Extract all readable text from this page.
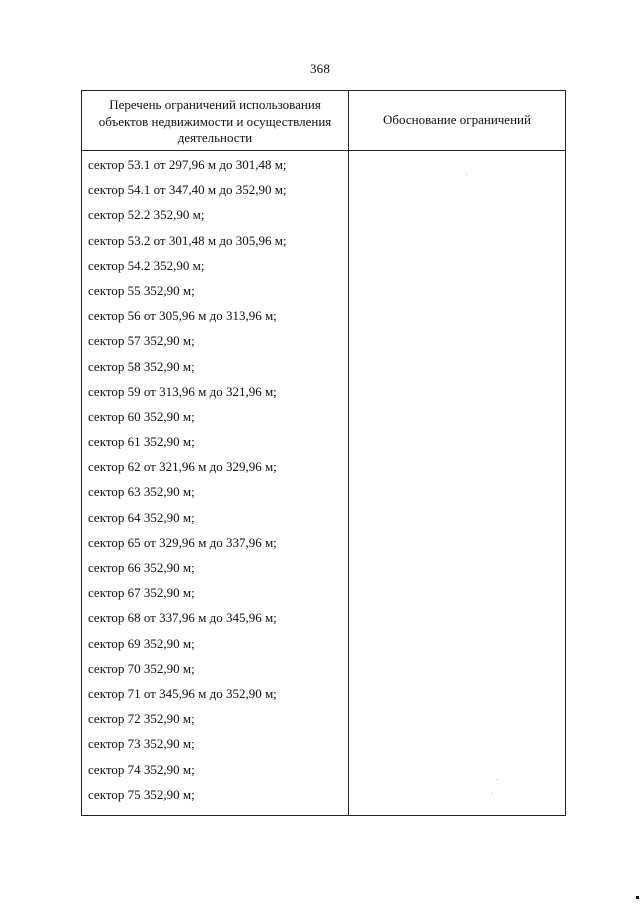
368
Перечень ограничений использования
объектов недвижимости и осуществления
деятельности
Обоснование ограничений
сектор 53.1 от 297,96 м до 301,48 м;
сектор 54.1 от 347,40 м до 352,90 м;
сектор 52.2 352,90 м;
сектор 53.2 от 301,48 м до 305,96 м;
сектор 54.2 352,90 м;
сектор 55 352,90 м;
сектор 56 от 305,96 м до 313,96 м;
сектор 57 352,90 м;
сектор 58 352,90 м;
сектор 59 от 313,96 м до 321,96 м;
сектор 60 352,90 м;
сектор 61 352,90 м;
сектор 62 от 321,96 м до 329,96 м;
сектор 63 352,90 м;
сектор 64 352,90 м;
сектор 65 от 329,96 м до 337,96 м;
сектор 66 352,90 м;
сектор 67 352,90 м;
сектор 68 от 337,96 м до 345,96 м;
сектор 69 352,90 м;
сектор 70 352,90 м;
сектор 71 от 345,96 м до 352,90 м;
сектор 72 352,90 м;
сектор 73 352,90 м;
сектор 74 352,90 м;
сектор 75 352,90 м;
